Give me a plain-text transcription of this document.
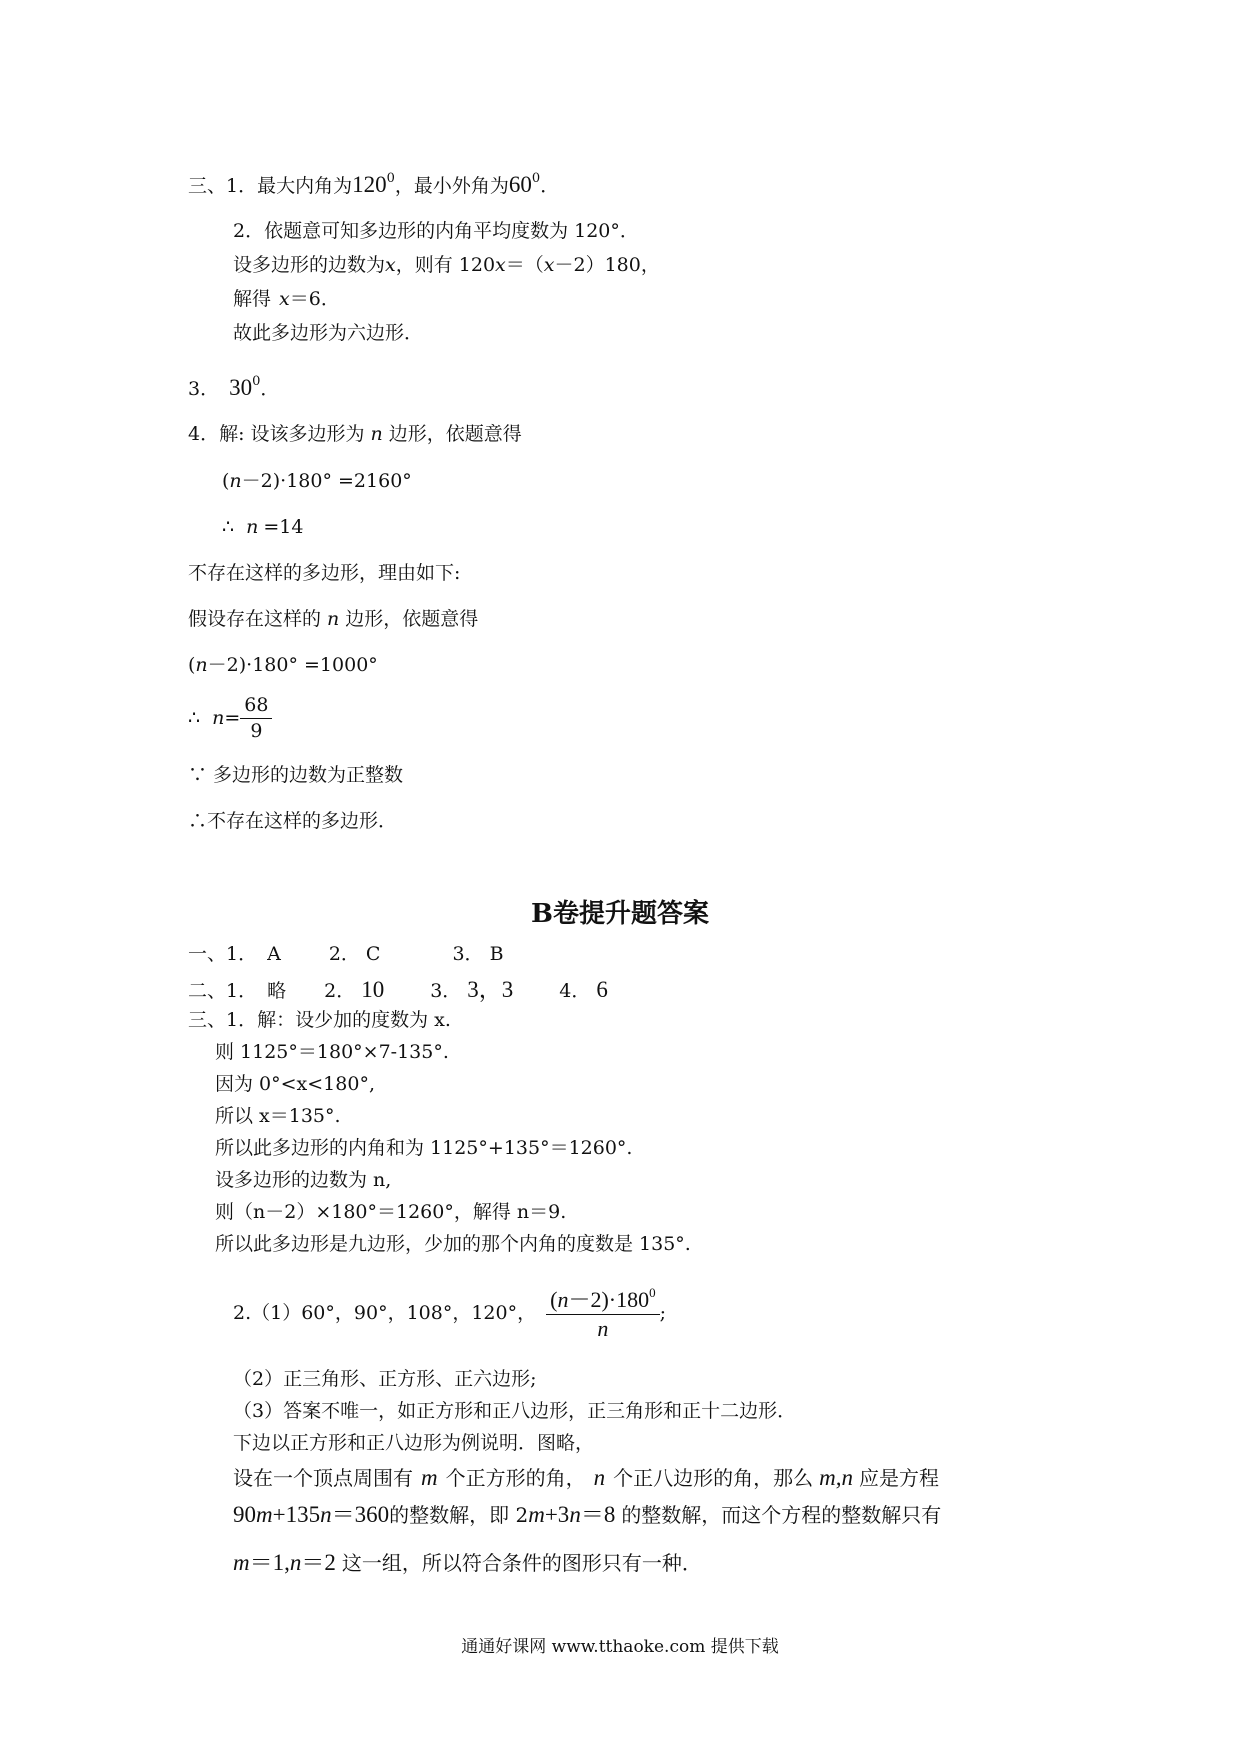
三、1．最大内角为1200，最小外角为600．
2．依题意可知多边形的内角平均度数为 120°．
设多边形的边数为x，则有 120x＝（x－2）180，
解得 x＝6．
故此多边形为六边形．
3． 300．
4．解: 设该多边形为 n 边形，依题意得
(n－2)·180° =2160°
∴ n =14
不存在这样的多边形，理由如下:
假设存在这样的 n 边形，依题意得
(n－2)·180° =1000°
∴ $n= \frac{68}{9}$
∵ 多边形的边数为正整数
∴不存在这样的多边形．
B卷提升题答案
一、1． A	2． C	3． B
二、1． 略 2． 10 3． 3，3 4． 6
三、1．解：设少加的度数为 x.
则 1125°＝180°×7-135°.
因为 0°<x<180°,
所以 x＝135°.
所以此多边形的内角和为 1125°+135°＝1260°.
设多边形的边数为 n,
则（n－2）×180°＝1260°，解得 n＝9.
所以此多边形是九边形，少加的那个内角的度数是 135°.
2.（1）60°，90°，108°，120°， $\frac{(n-2)\cdot 1800}{n}$ ;
（2）正三角形、正方形、正六边形;
（3）答案不唯一，如正方形和正八边形，正三角形和正十二边形．
下边以正方形和正八边形为例说明．图略，
设在一个顶点周围有 m 个正方形的角， n 个正八边形的角，那么 m,n 应是方程
90m+135n＝360的整数解，即 2m+3n＝8 的整数解，而这个方程的整数解只有
m＝1,n＝2 这一组，所以符合条件的图形只有一种．
通通好课网 www.tthaoke.com 提供下载
